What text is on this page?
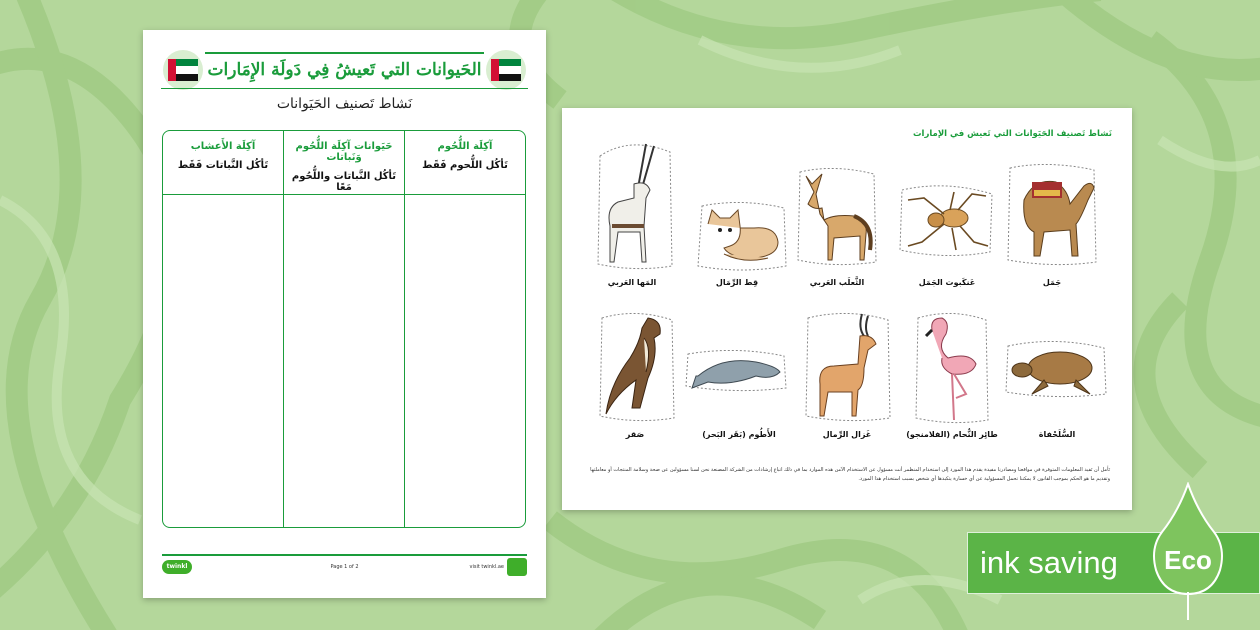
الحَيوانات التي تَعيشُ فِي دَولَة الإِمَارات
نَشاط تَصنيف الحَيَوانات
آكِلَة اللُّحُوم
تَأكُل اللُّحوم فَقَط
حَيَوانات آكِلَة اللُّحُوم وَنَباتات
تَأكُل النَّباتات واللُّحُوم مَعًا
آكِلَة الأَعشاب
تَأكُل النَّباتات فَقَط
twinkl	Page 1 of 2	visit twinkl.ae
نَشاط تَصنيف الحَيَوانات التي تَعيش في الإمارات
جَمَل
عَنكَبوت الجَمَل
الثَّعلَب العَربي
قِط الرِّمَال
المَها العَربي
السُّلَحْفاة
طائِر النُّحام (الفلامنجو)
غَزال الرِّمال
الأَطُوم (بَقَر البَحر)
صَقر
تَأمل أن تَفيد المعلومات المتوفرة في مواقعنا ومصادرنا مفيدة يقدم هذا المورد إلى استخدام المنظمر أنت مسؤول عن الاستخدام الآمن هذه الموارد بما في ذلك اتباع إرشادات من الشركة المصنعة نحن لسنا مسؤولين عن صحة وسلامة المنتجات أو معاملتها وتقديم ما هو الحكم بموجب القانون لا يمكننا تحمل المسؤولية عن أي خسارة يتكبدها أي شخص بسبب استخدام هذا المورد.
ink saving Eco
